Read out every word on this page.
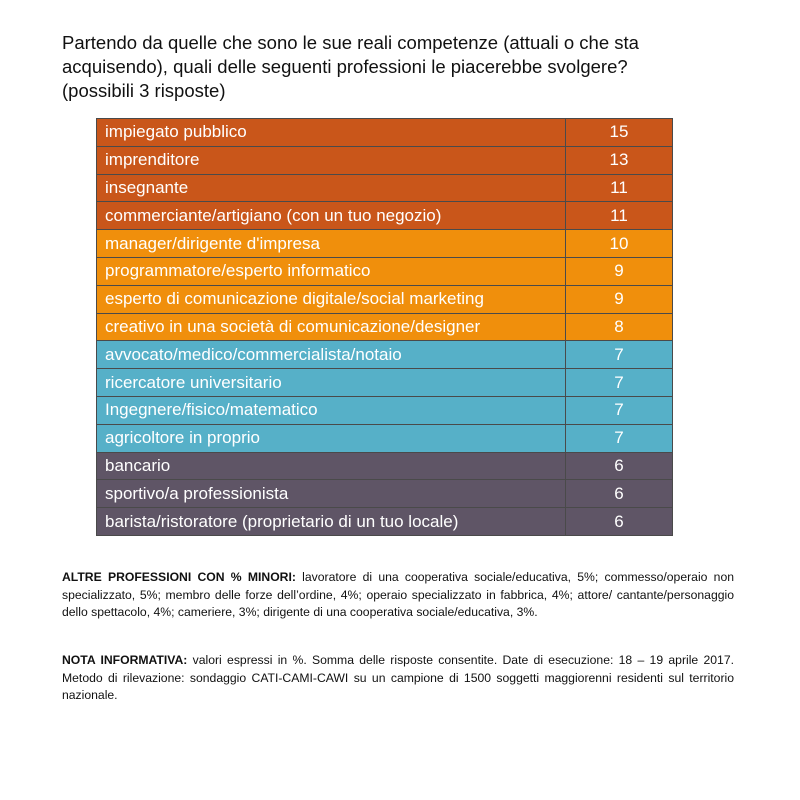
Partendo da quelle che sono le sue reali competenze (attuali o che sta
acquisendo), quali delle seguenti professioni le piacerebbe svolgere?
(possibili 3 risposte)
impiegato pubblico	15
imprenditore	13
insegnante	11
commerciante/artigiano (con un tuo negozio)	11
manager/dirigente d'impresa	10
programmatore/esperto informatico	9
esperto di comunicazione digitale/social marketing	9
creativo in una società di comunicazione/designer	8
avvocato/medico/commercialista/notaio	7
ricercatore universitario	7
Ingegnere/fisico/matematico	7
agricoltore in proprio	7
bancario	6
sportivo/a professionista	6
barista/ristoratore (proprietario di un tuo locale)	6

ALTRE PROFESSIONI CON % MINORI: lavoratore di una cooperativa sociale/educativa, 5%; commesso/operaio non specializzato, 5%; membro delle forze dell’ordine, 4%; operaio specializzato in fabbrica, 4%; attore/ cantante/personaggio dello spettacolo, 4%; cameriere, 3%; dirigente di una cooperativa sociale/educativa, 3%.

NOTA INFORMATIVA: valori espressi in %. Somma delle risposte consentite. Date di esecuzione: 18 – 19 aprile 2017. Metodo di rilevazione: sondaggio CATI-CAMI-CAWI su un campione di 1500 soggetti maggiorenni residenti sul territorio nazionale.
